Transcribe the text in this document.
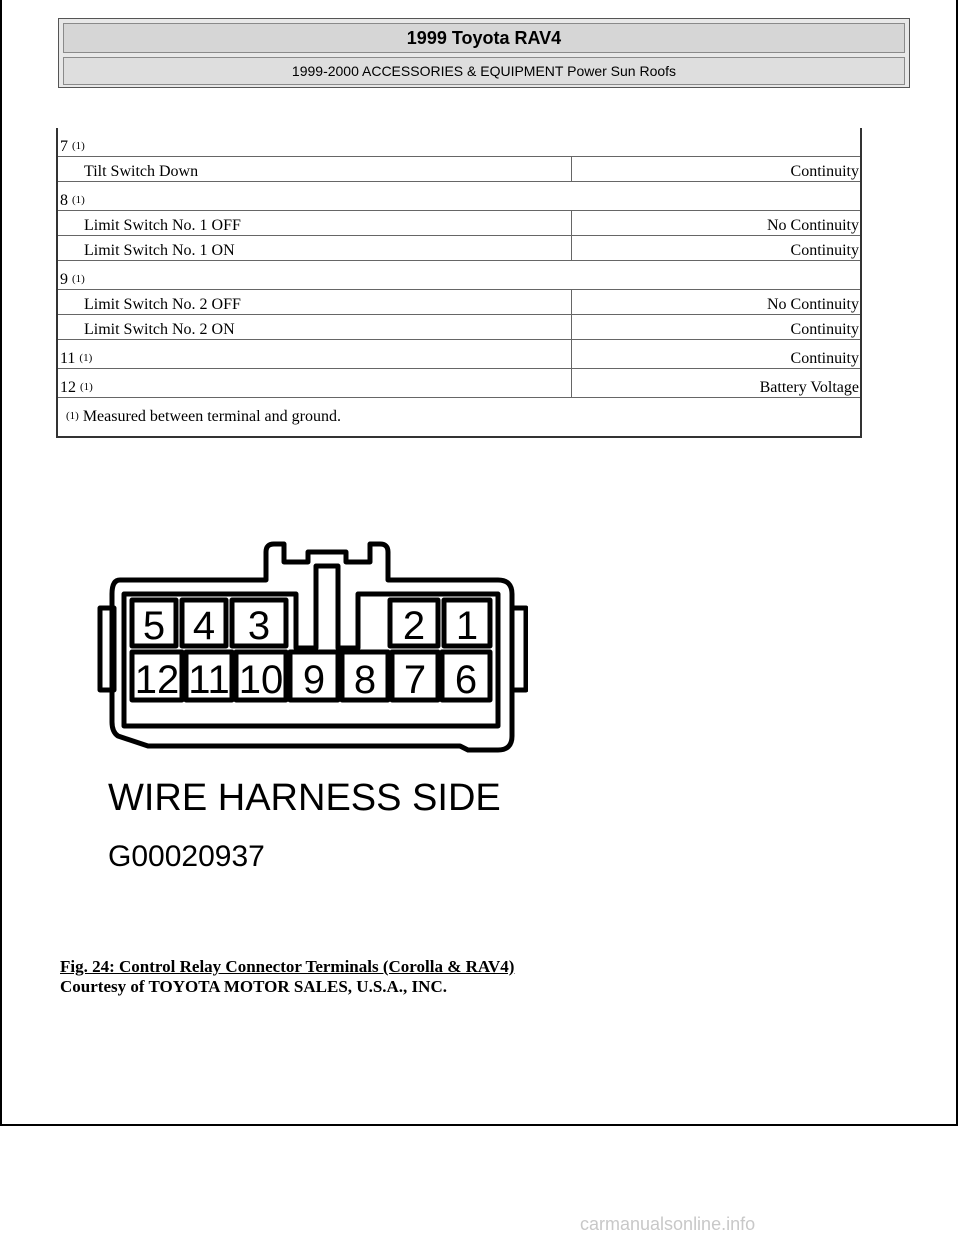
1999 Toyota RAV4
1999-2000 ACCESSORIES & EQUIPMENT Power Sun Roofs
7 $^{(1)}$
Tilt Switch Down	Continuity
8 $^{(1)}$
Limit Switch No. 1 OFF	No Continuity
Limit Switch No. 1 ON	Continuity
9 $^{(1)}$
Limit Switch No. 2 OFF	No Continuity
Limit Switch No. 2 ON	Continuity
11 $^{(1)}$	Continuity
12 $^{(1)}$	Battery Voltage
$^{(1)}$ Measured between terminal and ground.	
5 4 3	2 1
12 11 10 9 8 7 6
WIRE HARNESS SIDE
G00020937
Fig. 24: Control Relay Connector Terminals (Corolla & RAV4)
Courtesy of TOYOTA MOTOR SALES, U.S.A., INC.
carmanualsonline.info
